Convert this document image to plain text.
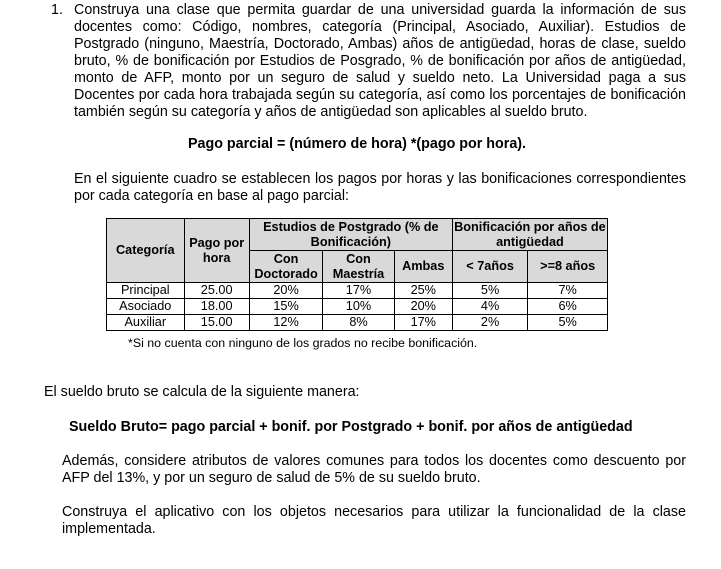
1. Construya una clase que permita guardar de una universidad guarda la información de sus docentes como: Código, nombres, categoría (Principal, Asociado, Auxiliar). Estudios de Postgrado (ninguno, Maestría, Doctorado, Ambas) años de antigüedad, horas de clase, sueldo bruto, % de bonificación por Estudios de Posgrado, % de bonificación por años de antigüedad, monto de AFP, monto por un seguro de salud y sueldo neto. La Universidad paga a sus Docentes por cada hora trabajada según su categoría, así como los porcentajes de bonificación también según su categoría y años de antigüedad son aplicables al sueldo bruto.
Pago parcial = (número de hora) *(pago por hora).
En el siguiente cuadro se establecen los pagos por horas y las bonificaciones correspondientes por cada categoría en base al pago parcial:
Categoría	Pago por hora	Estudios de Postgrado (% de Bonificación)			Bonificación por años de antigüedad	
		Con Doctorado	Con Maestría	Ambas	< 7años	>=8 años
Principal	25.00	20%	17%	25%	5%	7%
Asociado	18.00	15%	10%	20%	4%	6%
Auxiliar	15.00	12%	8%	17%	2%	5%
*Si no cuenta con ninguno de los grados no recibe bonificación.
El sueldo bruto se calcula de la siguiente manera:
Sueldo Bruto= pago parcial + bonif. por Postgrado + bonif. por años de antigüedad
Además, considere atributos de valores comunes para todos los docentes como descuento por AFP del 13%, y por un seguro de salud de 5% de su sueldo bruto.
Construya el aplicativo con los objetos necesarios para utilizar la funcionalidad de la clase implementada.
